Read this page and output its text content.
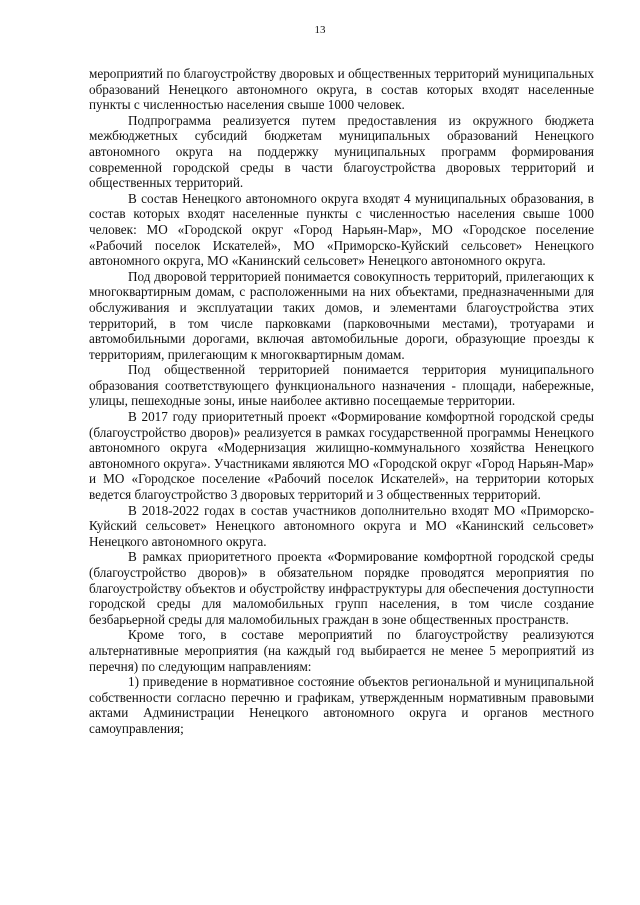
13

мероприятий по благоустройству дворовых и общественных территорий муниципальных образований Ненецкого автономного округа, в состав которых входят населенные пункты с численностью населения свыше 1000 человек.

Подпрограмма реализуется путем предоставления из окружного бюджета межбюджетных субсидий бюджетам муниципальных образований Ненецкого автономного округа на поддержку муниципальных программ формирования современной городской среды в части благоустройства дворовых территорий и общественных территорий.

В состав Ненецкого автономного округа входят 4 муниципальных образования, в состав которых входят населенные пункты с численностью населения свыше 1000 человек: МО «Городской округ «Город Нарьян-Мар», МО «Городское поселение «Рабочий поселок Искателей», МО «Приморско-Куйский сельсовет» Ненецкого автономного округа, МО «Канинский сельсовет» Ненецкого автономного округа.

Под дворовой территорией понимается совокупность территорий, прилегающих к многоквартирным домам, с расположенными на них объектами, предназначенными для обслуживания и эксплуатации таких домов, и элементами благоустройства этих территорий, в том числе парковками (парковочными местами), тротуарами и автомобильными дорогами, включая автомобильные дороги, образующие проезды к территориям, прилегающим к многоквартирным домам.

Под общественной территорией понимается территория муниципального образования соответствующего функционального назначения - площади, набережные, улицы, пешеходные зоны, иные наиболее активно посещаемые территории.

В 2017 году приоритетный проект «Формирование комфортной городской среды (благоустройство дворов)» реализуется в рамках государственной программы Ненецкого автономного округа «Модернизация жилищно-коммунального хозяйства Ненецкого автономного округа». Участниками являются МО «Городской округ «Город Нарьян-Мар» и МО «Городское поселение «Рабочий поселок Искателей», на территории которых ведется благоустройство 3 дворовых территорий и 3 общественных территорий.

В 2018-2022 годах в состав участников дополнительно входят МО «Приморско-Куйский сельсовет» Ненецкого автономного округа и МО «Канинский сельсовет» Ненецкого автономного округа.

В рамках приоритетного проекта «Формирование комфортной городской среды (благоустройство дворов)» в обязательном порядке проводятся мероприятия по благоустройству объектов и обустройству инфраструктуры для обеспечения доступности городской среды для маломобильных групп населения, в том числе создание безбарьерной среды для маломобильных граждан в зоне общественных пространств.

Кроме того, в составе мероприятий по благоустройству реализуются альтернативные мероприятия (на каждый год выбирается не менее 5 мероприятий из перечня) по следующим направлениям:

1) приведение в нормативное состояние объектов региональной и муниципальной собственности согласно перечню и графикам, утвержденным нормативным правовыми актами Администрации Ненецкого автономного округа и органов местного самоуправления;
